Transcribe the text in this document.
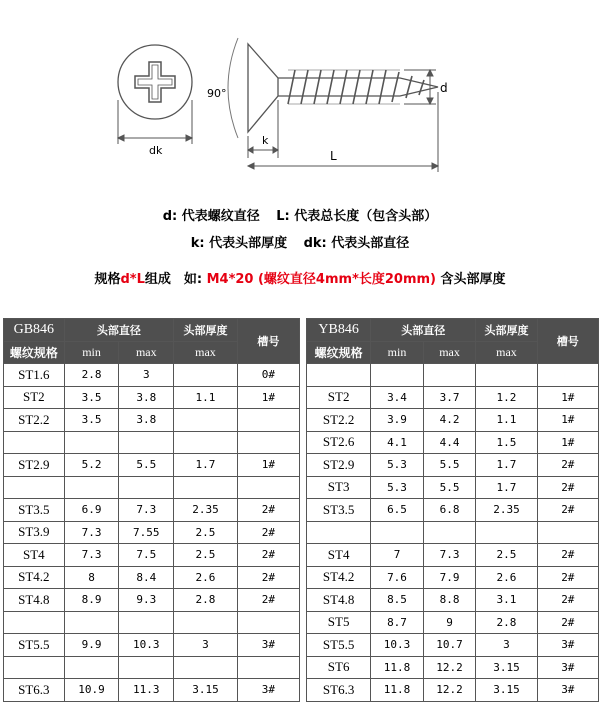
dk
90°
k
L
d
d: 代表螺纹直径 L: 代表总长度（包含头部）
k: 代表头部厚度 dk: 代表头部直径
规格d*L组成　如: M4*20 (螺纹直径4mm*长度20mm) 含头部厚度
GB846	头部直径		头部厚度	槽号
螺纹规格	min	max	max	
ST1.6	2.8	3		0#
ST2	3.5	3.8	1.1	1#
ST2.2	3.5	3.8		

ST2.9	5.2	5.5	1.7	1#

ST3.5	6.9	7.3	2.35	2#
ST3.9	7.3	7.55	2.5	2#
ST4	7.3	7.5	2.5	2#
ST4.2	8	8.4	2.6	2#
ST4.8	8.9	9.3	2.8	2#

ST5.5	9.9	10.3	3	3#

ST6.3	10.9	11.3	3.15	3#
YB846	头部直径		头部厚度	槽号
螺纹规格	min	max	max	

ST2	3.4	3.7	1.2	1#
ST2.2	3.9	4.2	1.1	1#
ST2.6	4.1	4.4	1.5	1#
ST2.9	5.3	5.5	1.7	2#
ST3	5.3	5.5	1.7	2#
ST3.5	6.5	6.8	2.35	2#

ST4	7	7.3	2.5	2#
ST4.2	7.6	7.9	2.6	2#
ST4.8	8.5	8.8	3.1	2#
ST5	8.7	9	2.8	2#
ST5.5	10.3	10.7	3	3#
ST6	11.8	12.2	3.15	3#
ST6.3	11.8	12.2	3.15	3#
